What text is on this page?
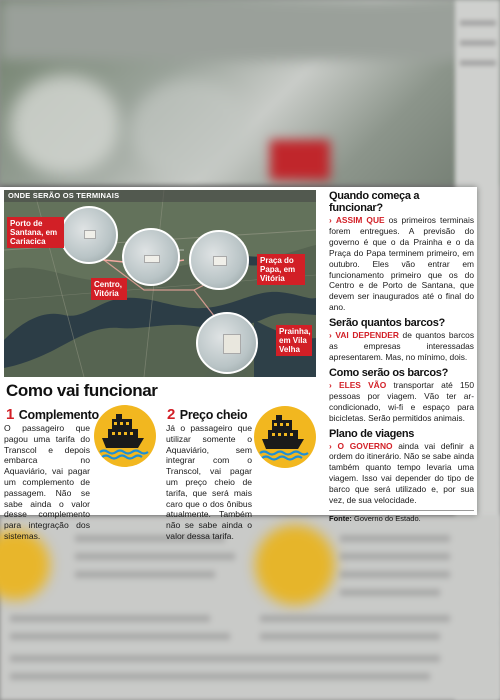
ONDE SERÃO OS TERMINAIS
Porto de Santana, em Cariacica
Centro, Vitória
Praça do Papa, em Vitória
Prainha, em Vila Velha
Como vai funcionar
1 Complemento
O passageiro que pagou uma tarifa do Transcol e depois embarca no Aquaviário, vai pagar um complemento de passagem. Não se sabe ainda o valor desse complemento para integração dos sistemas.
2 Preço cheio
Já o passageiro que utilizar somente o Aquaviário, sem integrar com o Transcol, vai pagar um preço cheio de tarifa, que será mais caro que o dos ônibus atualmente. Também não se sabe ainda o valor dessa tarifa.

Quando começa a funcionar?

› ASSIM QUE os primeiros terminais forem entregues. A previsão do governo é que o da Prainha e o da Praça do Papa terminem primeiro, em outubro. Eles vão entrar em funcionamento primeiro que os do Centro e de Porto de Santana, que devem ser inaugurados até o final do ano.

Serão quantos barcos?

› VAI DEPENDER de quantos barcos as empresas interessadas apresentarem. Mas, no mínimo, dois.

Como serão os barcos?

› ELES VÃO transportar até 150 pessoas por viagem. Vão ter ar-condicionado, wi-fi e espaço para bicicletas. Serão permitidos animais.

Plano de viagens

› O GOVERNO ainda vai definir a ordem do itinerário. Não se sabe ainda também quanto tempo levaria uma viagem. Isso vai depender do tipo de barco que será utilizado e, por sua vez, de sua velocidade.

Fonte: Governo do Estado.
